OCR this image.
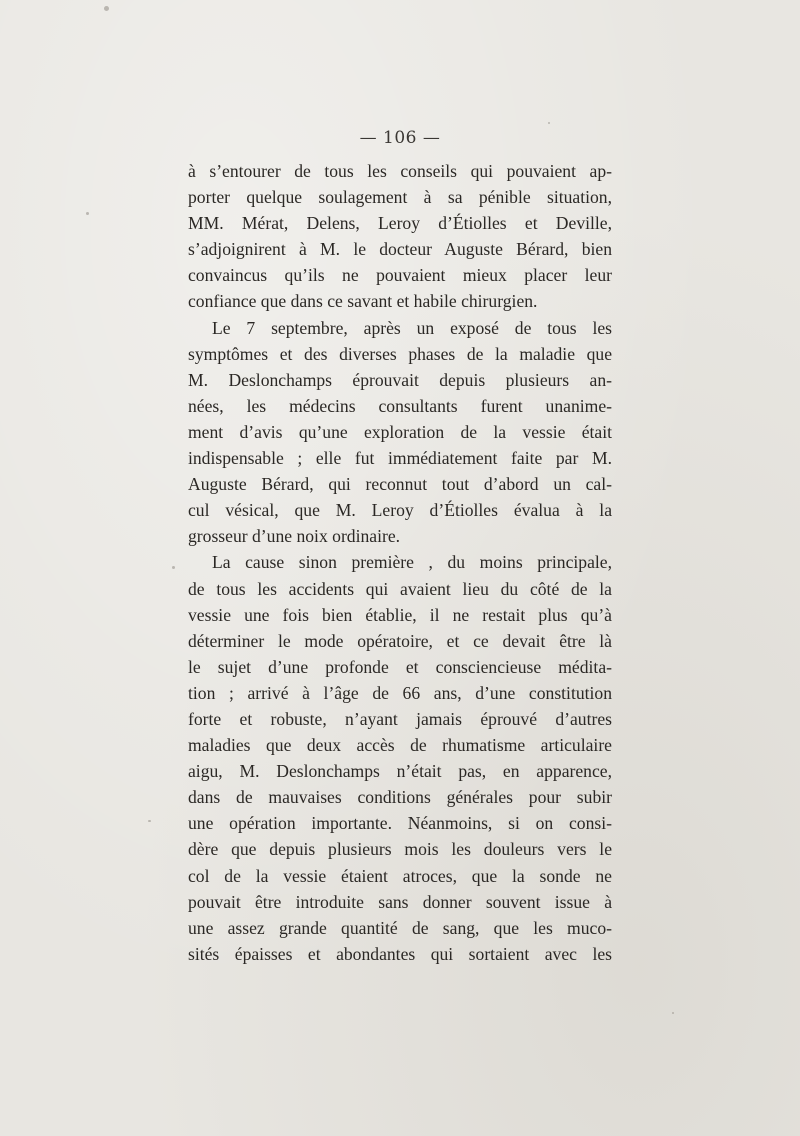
— 106 —
à s’entourer de tous les conseils qui pouvaient ap-
porter quelque soulagement à sa pénible situation,
MM. Mérat, Delens, Leroy d’Étiolles et Deville,
s’adjoignirent à M. le docteur Auguste Bérard, bien
convaincus qu’ils ne pouvaient mieux placer leur
confiance que dans ce savant et habile chirurgien.
Le 7 septembre, après un exposé de tous les
symptômes et des diverses phases de la maladie que
M. Deslonchamps éprouvait depuis plusieurs an-
nées, les médecins consultants furent unanime-
ment d’avis qu’une exploration de la vessie était
indispensable ; elle fut immédiatement faite par M.
Auguste Bérard, qui reconnut tout d’abord un cal-
cul vésical, que M. Leroy d’Étiolles évalua à la
grosseur d’une noix ordinaire.
La cause sinon première , du moins principale,
de tous les accidents qui avaient lieu du côté de la
vessie une fois bien établie, il ne restait plus qu’à
déterminer le mode opératoire, et ce devait être là
le sujet d’une profonde et consciencieuse médita-
tion ; arrivé à l’âge de 66 ans, d’une constitution
forte et robuste, n’ayant jamais éprouvé d’autres
maladies que deux accès de rhumatisme articulaire
aigu, M. Deslonchamps n’était pas, en apparence,
dans de mauvaises conditions générales pour subir
une opération importante. Néanmoins, si on consi-
dère que depuis plusieurs mois les douleurs vers le
col de la vessie étaient atroces, que la sonde ne
pouvait être introduite sans donner souvent issue à
une assez grande quantité de sang, que les muco-
sités épaisses et abondantes qui sortaient avec les
